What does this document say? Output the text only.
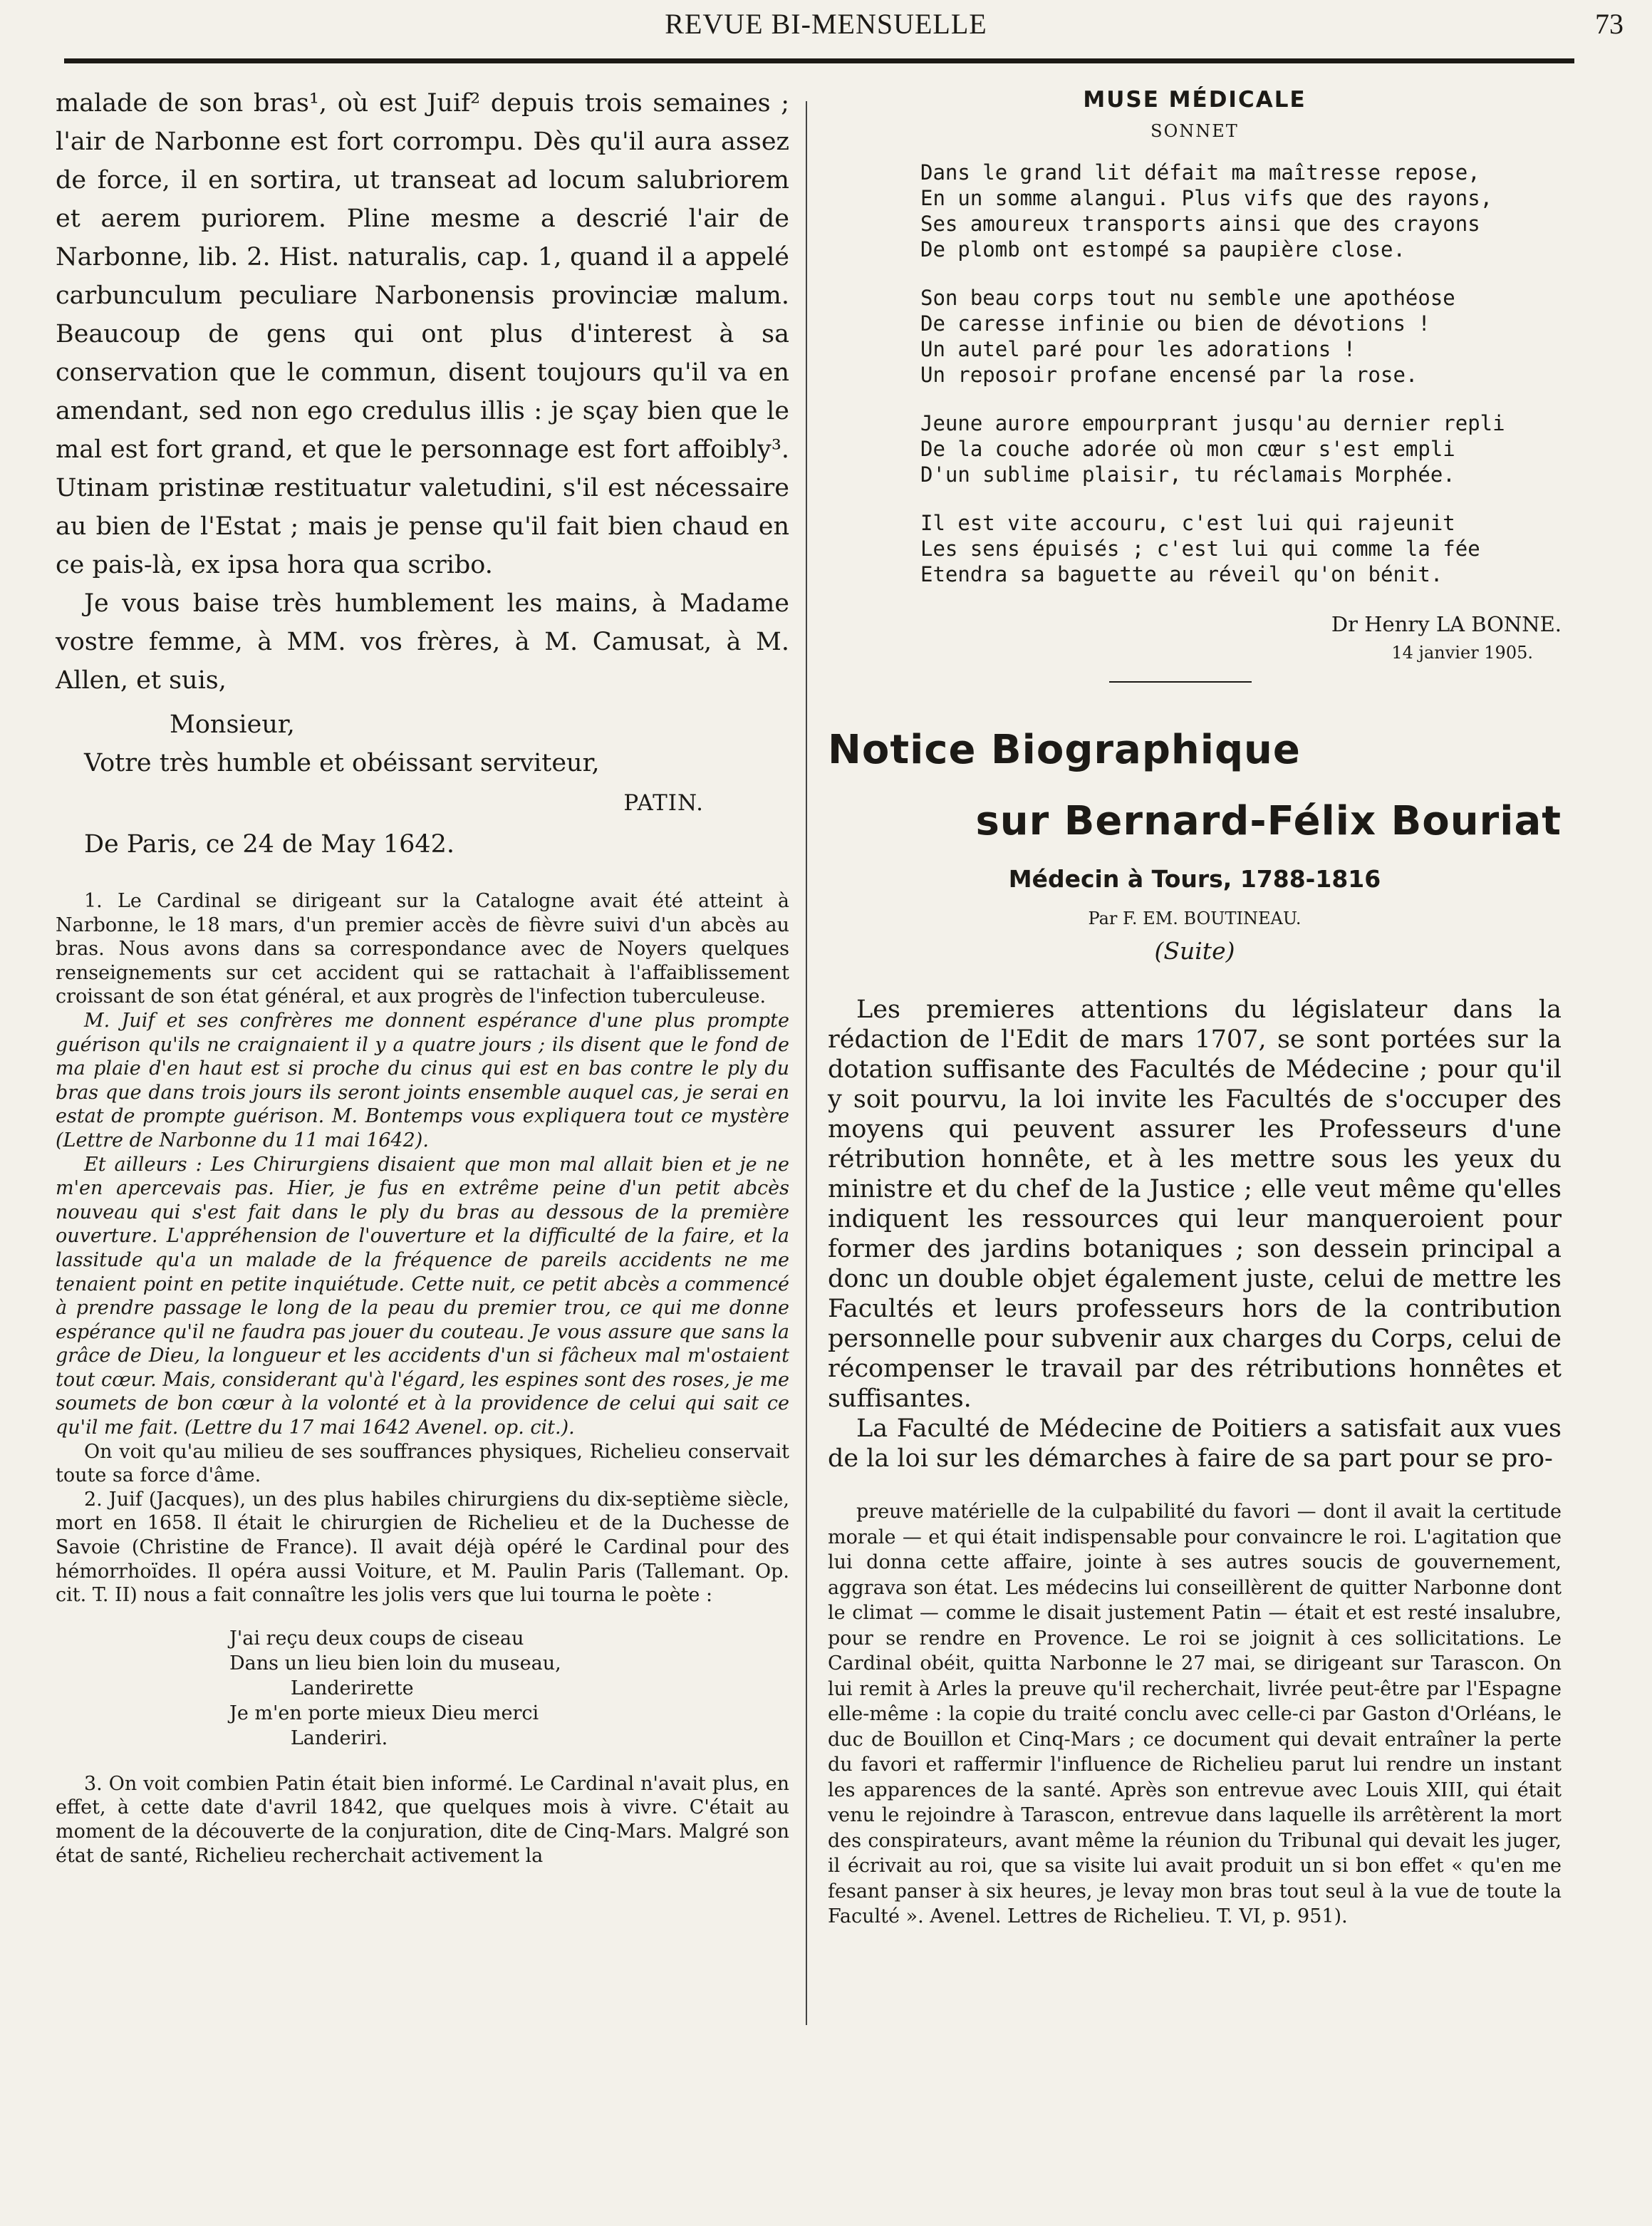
REVUE BI-MENSUELLE	73

malade de son bras¹, où est Juif² depuis trois semaines ; l'air de Narbonne est fort corrompu. Dès qu'il aura assez de force, il en sortira, ut transeat ad locum salubriorem et aerem puriorem. Pline mesme a descrié l'air de Narbonne, lib. 2. Hist. naturalis, cap. 1, quand il a appelé carbunculum peculiare Narbonensis provinciæ malum. Beaucoup de gens qui ont plus d'interest à sa conservation que le commun, disent toujours qu'il va en amendant, sed non ego credulus illis : je sçay bien que le mal est fort grand, et que le personnage est fort affoibly³. Utinam pristinæ restituatur valetudini, s'il est nécessaire au bien de l'Estat ; mais je pense qu'il fait bien chaud en ce pais-là, ex ipsa hora qua scribo.

Je vous baise très humblement les mains, à Madame vostre femme, à MM. vos frères, à M. Camusat, à M. Allen, et suis,

Monsieur,

Votre très humble et obéissant serviteur,

PATIN.

De Paris, ce 24 de May 1642.

1. Le Cardinal se dirigeant sur la Catalogne avait été atteint à Narbonne, le 18 mars, d'un premier accès de fièvre suivi d'un abcès au bras. Nous avons dans sa correspondance avec de Noyers quelques renseignements sur cet accident qui se rattachait à l'affaiblissement croissant de son état général, et aux progrès de l'infection tuberculeuse.

M. Juif et ses confrères me donnent espérance d'une plus prompte guérison qu'ils ne craignaient il y a quatre jours ; ils disent que le fond de ma plaie d'en haut est si proche du cinus qui est en bas contre le ply du bras que dans trois jours ils seront joints ensemble auquel cas, je serai en estat de prompte guérison. M. Bontemps vous expliquera tout ce mystère (Lettre de Narbonne du 11 mai 1642).

Et ailleurs : Les Chirurgiens disaient que mon mal allait bien et je ne m'en apercevais pas. Hier, je fus en extrême peine d'un petit abcès nouveau qui s'est fait dans le ply du bras au dessous de la première ouverture. L'appréhension de l'ouverture et la difficulté de la faire, et la lassitude qu'a un malade de la fréquence de pareils accidents ne me tenaient point en petite inquiétude. Cette nuit, ce petit abcès a commencé à prendre passage le long de la peau du premier trou, ce qui me donne espérance qu'il ne faudra pas jouer du couteau. Je vous assure que sans la grâce de Dieu, la longueur et les accidents d'un si fâcheux mal m'ostaient tout cœur. Mais, considerant qu'à l'égard, les espines sont des roses, je me soumets de bon cœur à la volonté et à la providence de celui qui sait ce qu'il me fait. (Lettre du 17 mai 1642 Avenel. op. cit.).

On voit qu'au milieu de ses souffrances physiques, Richelieu conservait toute sa force d'âme.

2. Juif (Jacques), un des plus habiles chirurgiens du dix-septième siècle, mort en 1658. Il était le chirurgien de Richelieu et de la Duchesse de Savoie (Christine de France). Il avait déjà opéré le Cardinal pour des hémorrhoïdes. Il opéra aussi Voiture, et M. Paulin Paris (Tallemant. Op. cit. T. II) nous a fait connaître les jolis vers que lui tourna le poète :

J'ai reçu deux coups de ciseau
Dans un lieu bien loin du museau,
Landerirette
Je m'en porte mieux Dieu merci
Landeriri.

3. On voit combien Patin était bien informé. Le Cardinal n'avait plus, en effet, à cette date d'avril 1842, que quelques mois à vivre. C'était au moment de la découverte de la conjuration, dite de Cinq-Mars. Malgré son état de santé, Richelieu recherchait activement la

MUSE MÉDICALE

SONNET

Dans le grand lit défait ma maîtresse repose,
En un somme alangui. Plus vifs que des rayons,
Ses amoureux transports ainsi que des crayons
De plomb ont estompé sa paupière close.
Son beau corps tout nu semble une apothéose
De caresse infinie ou bien de dévotions !
Un autel paré pour les adorations !
Un reposoir profane encensé par la rose.
Jeune aurore empourprant jusqu'au dernier repli
De la couche adorée où mon cœur s'est empli
D'un sublime plaisir, tu réclamais Morphée.
Il est vite accouru, c'est lui qui rajeunit
Les sens épuisés ; c'est lui qui comme la fée
Etendra sa baguette au réveil qu'on bénit.

Dr Henry LA BONNE.

14 janvier 1905.

Notice Biographique

sur Bernard-Félix Bouriat

Médecin à Tours, 1788-1816

Par F. EM. BOUTINEAU.

(Suite)

Les premieres attentions du législateur dans la rédaction de l'Edit de mars 1707, se sont portées sur la dotation suffisante des Facultés de Médecine ; pour qu'il y soit pourvu, la loi invite les Facultés de s'occuper des moyens qui peuvent assurer les Professeurs d'une rétribution honnête, et à les mettre sous les yeux du ministre et du chef de la Justice ; elle veut même qu'elles indiquent les ressources qui leur manqueroient pour former des jardins botaniques ; son dessein principal a donc un double objet également juste, celui de mettre les Facultés et leurs professeurs hors de la contribution personnelle pour subvenir aux charges du Corps, celui de récompenser le travail par des rétributions honnêtes et suffisantes.

La Faculté de Médecine de Poitiers a satisfait aux vues de la loi sur les démarches à faire de sa part pour se pro-

preuve matérielle de la culpabilité du favori — dont il avait la certitude morale — et qui était indispensable pour convaincre le roi. L'agitation que lui donna cette affaire, jointe à ses autres soucis de gouvernement, aggrava son état. Les médecins lui conseillèrent de quitter Narbonne dont le climat — comme le disait justement Patin — était et est resté insalubre, pour se rendre en Provence. Le roi se joignit à ces sollicitations. Le Cardinal obéit, quitta Narbonne le 27 mai, se dirigeant sur Tarascon. On lui remit à Arles la preuve qu'il recherchait, livrée peut-être par l'Espagne elle-même : la copie du traité conclu avec celle-ci par Gaston d'Orléans, le duc de Bouillon et Cinq-Mars ; ce document qui devait entraîner la perte du favori et raffermir l'influence de Richelieu parut lui rendre un instant les apparences de la santé. Après son entrevue avec Louis XIII, qui était venu le rejoindre à Tarascon, entrevue dans laquelle ils arrêtèrent la mort des conspirateurs, avant même la réunion du Tribunal qui devait les juger, il écrivait au roi, que sa visite lui avait produit un si bon effet « qu'en me fesant panser à six heures, je levay mon bras tout seul à la vue de toute la Faculté ». Avenel. Lettres de Richelieu. T. VI, p. 951).
